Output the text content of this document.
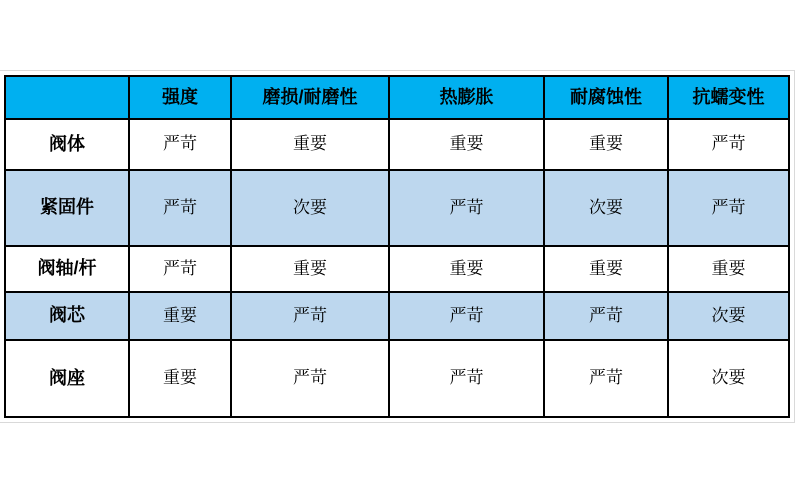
	强度	磨损/耐磨性	热膨胀	耐腐蚀性	抗蠕变性
阀体	严苛	重要	重要	重要	严苛
紧固件	严苛	次要	严苛	次要	严苛
阀轴/杆	严苛	重要	重要	重要	重要
阀芯	重要	严苛	严苛	严苛	次要
阀座	重要	严苛	严苛	严苛	次要
